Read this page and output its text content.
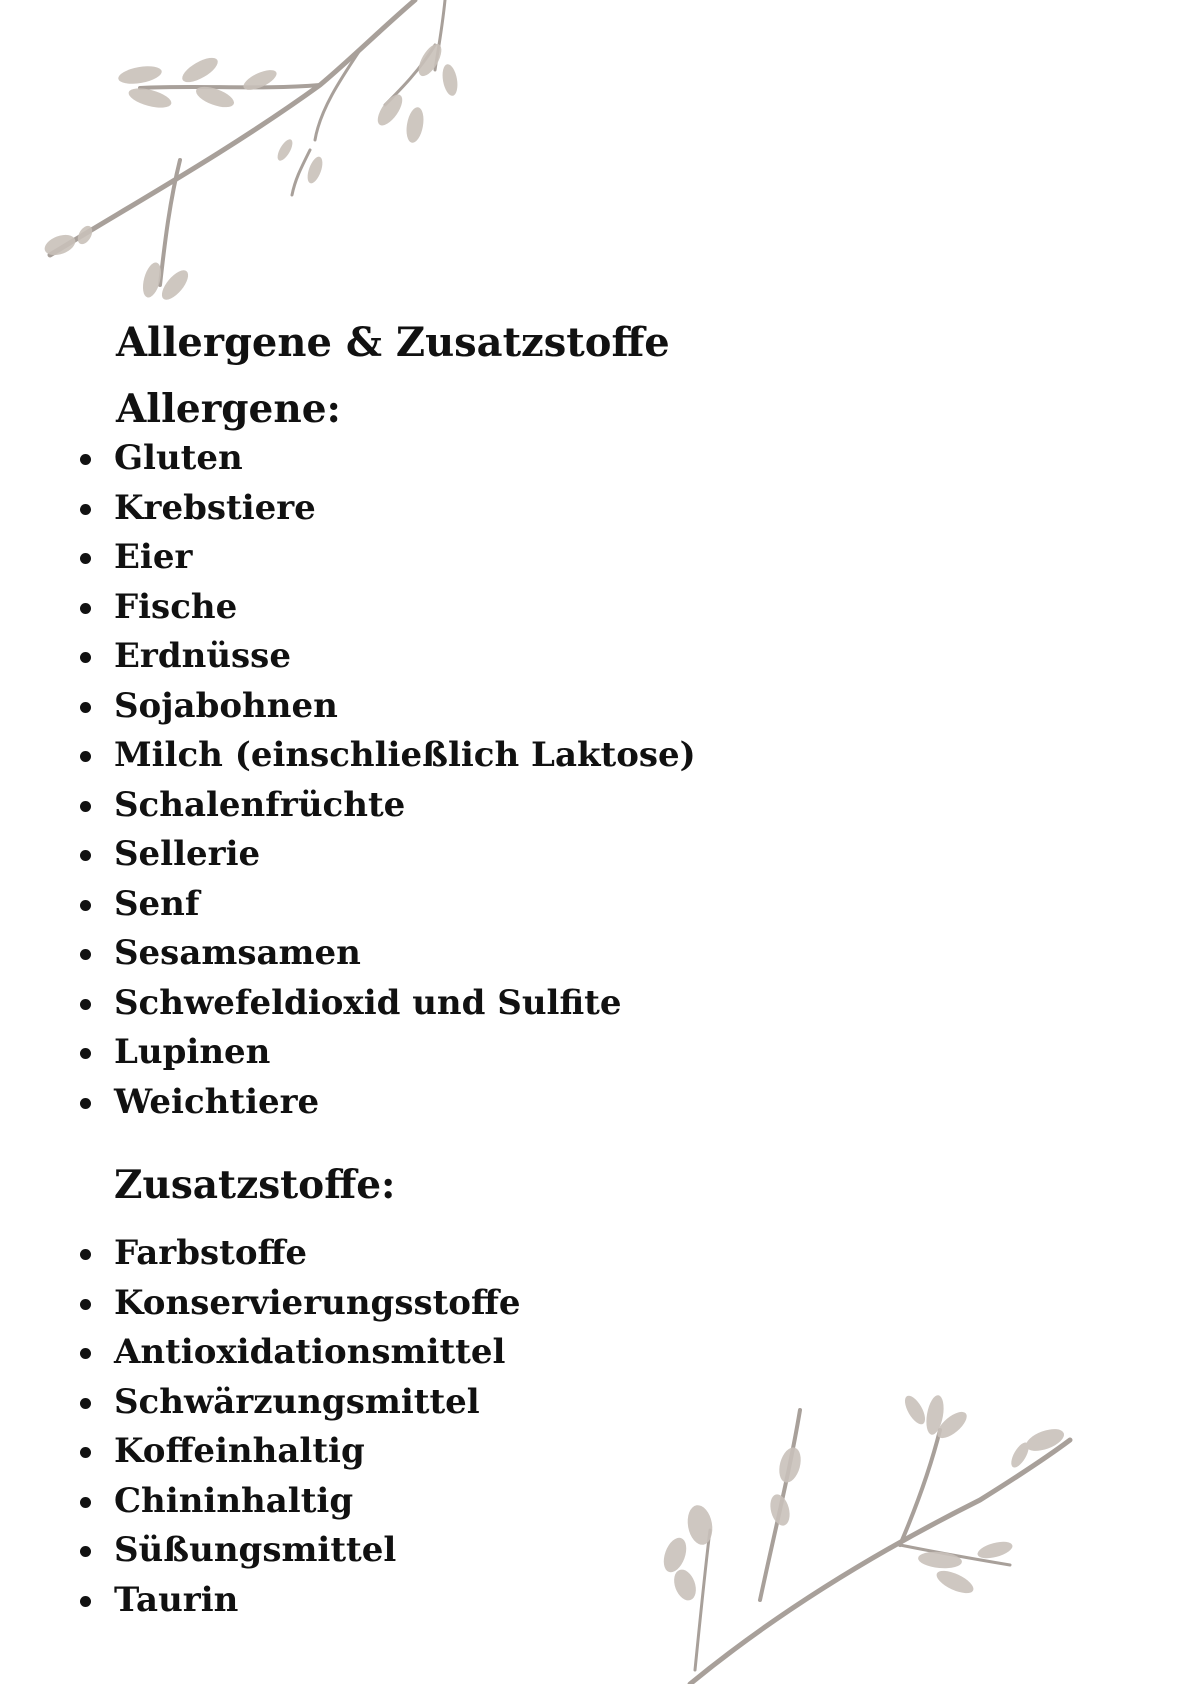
Allergene & Zusatzstoffe
Allergene:
Gluten
Krebstiere
Eier
Fische
Erdnüsse
Sojabohnen
Milch (einschließlich Laktose)
Schalenfrüchte
Sellerie
Senf
Sesamsamen
Schwefeldioxid und Sulfite
Lupinen
Weichtiere
Zusatzstoffe:
Farbstoffe
Konservierungsstoffe
Antioxidationsmittel
Schwärzungsmittel
Koffeinhaltig
Chininhaltig
Süßungsmittel
Taurin
